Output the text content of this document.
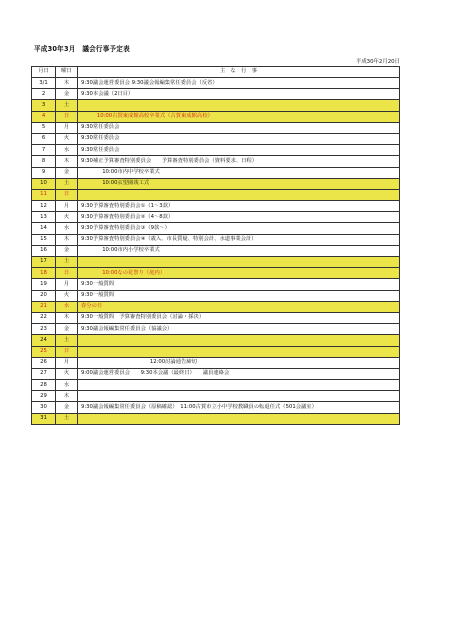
平成30年3月　議会行事予定表
平成30年2月20日
月日	曜日	主　な　行　事
3/1	木	9:30議会運営委員会 9:30議会報編集常任委員会（反省）
2	金	9:30本会議（2日目）
3	土	
4	日	　　　10:00古賀東成館高校卒業式（古賀東成館高校）
5	月	9:30常任委員会
6	火	9:30常任委員会
7	水	9:30常任委員会
8	木	9:30補正予算審査特別委員会　　予算審査特別委員会（資料要求、日程）
9	金	　　　　10:00市内中学校卒業式
10	土	　　　　10:00玄望園竣工式
11	日	
12	月	9:30予算審査特別委員会①（1〜3款）
13	火	9:30予算審査特別委員会②（4〜8款）
14	水	9:30予算審査特別委員会③（9款〜）
15	木	9:30予算審査特別委員会④（歳入、市長質疑、特別会計、水道事業会計）
16	金	　　　　10:00市内小学校卒業式
17	土	
18	日	　　　　10:00なの花祭り（庭内）
19	月	9:30一般質問
20	火	9:30一般質問
21	水	春分の日
22	木	9:30一般質問　予算審査特別委員会（討論・採決）
23	金	9:30議会報編集常任委員会（協議会）
24	土	
25	日	
26	月	　　　　　　　　　　　　　12:00討論通告締切
27	火	9:00議会運営委員会　　9:30本会議（最終日）　　議員連絡会
28	水	
29	木	
30	金	9:30議会報編集常任委員会（原稿確認）　11:00古賀市立小中学校教職員の転退任式（501会議室）
31	土	
